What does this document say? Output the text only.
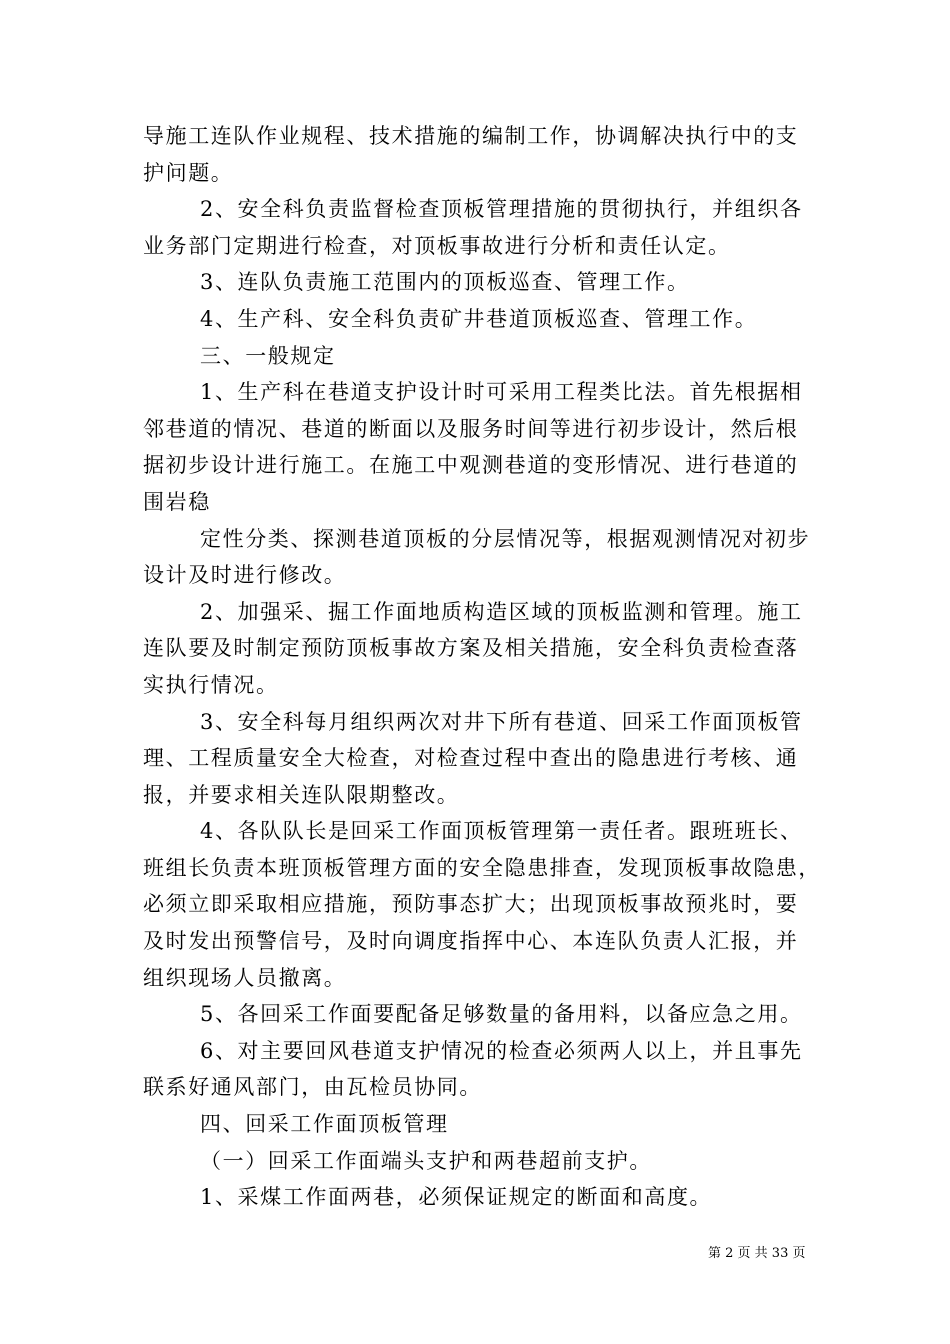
导施工连队作业规程、技术措施的编制工作，协调解决执行中的支
护问题。
2、安全科负责监督检查顶板管理措施的贯彻执行，并组织各
业务部门定期进行检查，对顶板事故进行分析和责任认定。
3、连队负责施工范围内的顶板巡查、管理工作。
4、生产科、安全科负责矿井巷道顶板巡查、管理工作。
三、一般规定
1、生产科在巷道支护设计时可采用工程类比法。首先根据相
邻巷道的情况、巷道的断面以及服务时间等进行初步设计，然后根
据初步设计进行施工。在施工中观测巷道的变形情况、进行巷道的
围岩稳
定性分类、探测巷道顶板的分层情况等，根据观测情况对初步
设计及时进行修改。
2、加强采、掘工作面地质构造区域的顶板监测和管理。施工
连队要及时制定预防顶板事故方案及相关措施，安全科负责检查落
实执行情况。
3、安全科每月组织两次对井下所有巷道、回采工作面顶板管
理、工程质量安全大检查，对检查过程中查出的隐患进行考核、通
报，并要求相关连队限期整改。
4、各队队长是回采工作面顶板管理第一责任者。跟班班长、
班组长负责本班顶板管理方面的安全隐患排查，发现顶板事故隐患，
必须立即采取相应措施，预防事态扩大；出现顶板事故预兆时，要
及时发出预警信号，及时向调度指挥中心、本连队负责人汇报，并
组织现场人员撤离。
5、各回采工作面要配备足够数量的备用料，以备应急之用。
6、对主要回风巷道支护情况的检查必须两人以上，并且事先
联系好通风部门，由瓦检员协同。
四、回采工作面顶板管理
（一）回采工作面端头支护和两巷超前支护。
1、采煤工作面两巷，必须保证规定的断面和高度。
第 2 页 共 33 页
